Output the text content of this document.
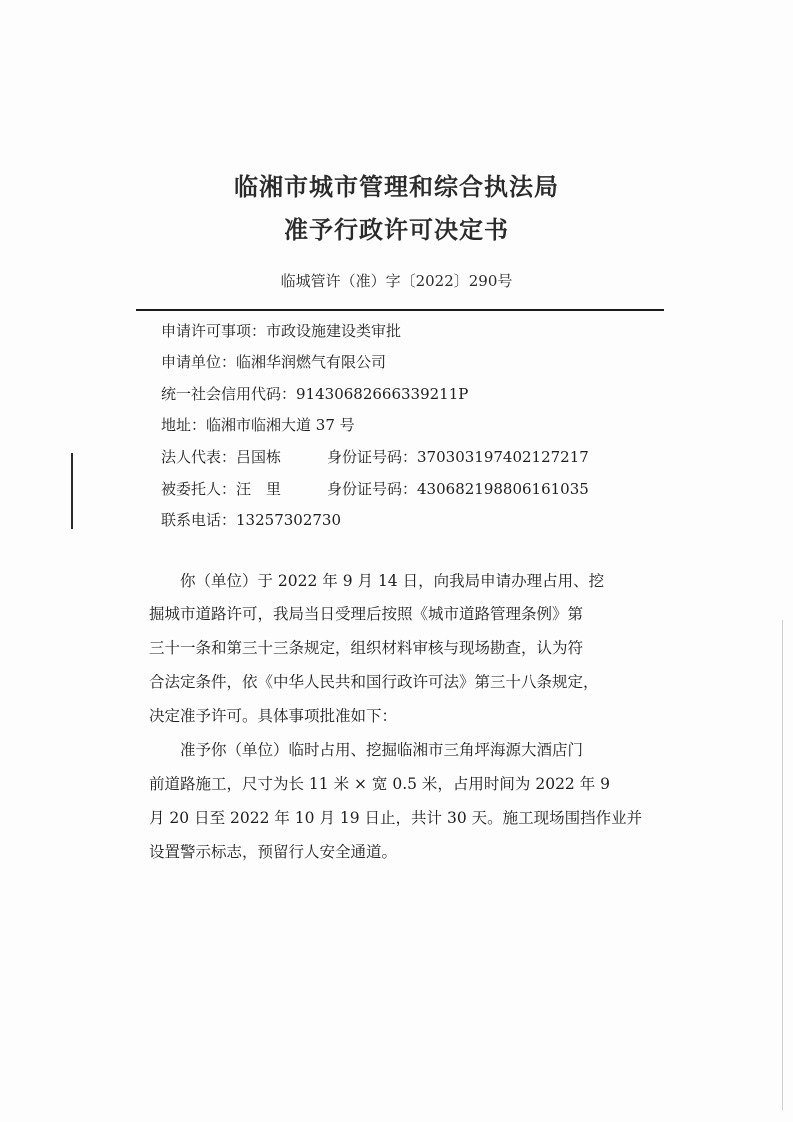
临湘市城市管理和综合执法局
准予行政许可决定书
临城管许（准）字〔2022〕290号
申请许可事项：市政设施建设类审批
申请单位：临湘华润燃气有限公司
统一社会信用代码：91430682666339211P
地址：临湘市临湘大道 37 号
法人代表：吕国栋	身份证号码：370303197402127217
被委托人：汪　里	身份证号码：430682198806161035
联系电话：13257302730
　　你（单位）于 2022 年 9 月 14 日，向我局申请办理占用、挖
掘城市道路许可，我局当日受理后按照《城市道路管理条例》第
三十一条和第三十三条规定，组织材料审核与现场勘查，认为符
合法定条件，依《中华人民共和国行政许可法》第三十八条规定，
决定准予许可。具体事项批准如下：
　　准予你（单位）临时占用、挖掘临湘市三角坪海源大酒店门
前道路施工，尺寸为长 11 米 × 宽 0.5 米，占用时间为 2022 年 9
月 20 日至 2022 年 10 月 19 日止，共计 30 天。施工现场围挡作业并
设置警示标志，预留行人安全通道。
